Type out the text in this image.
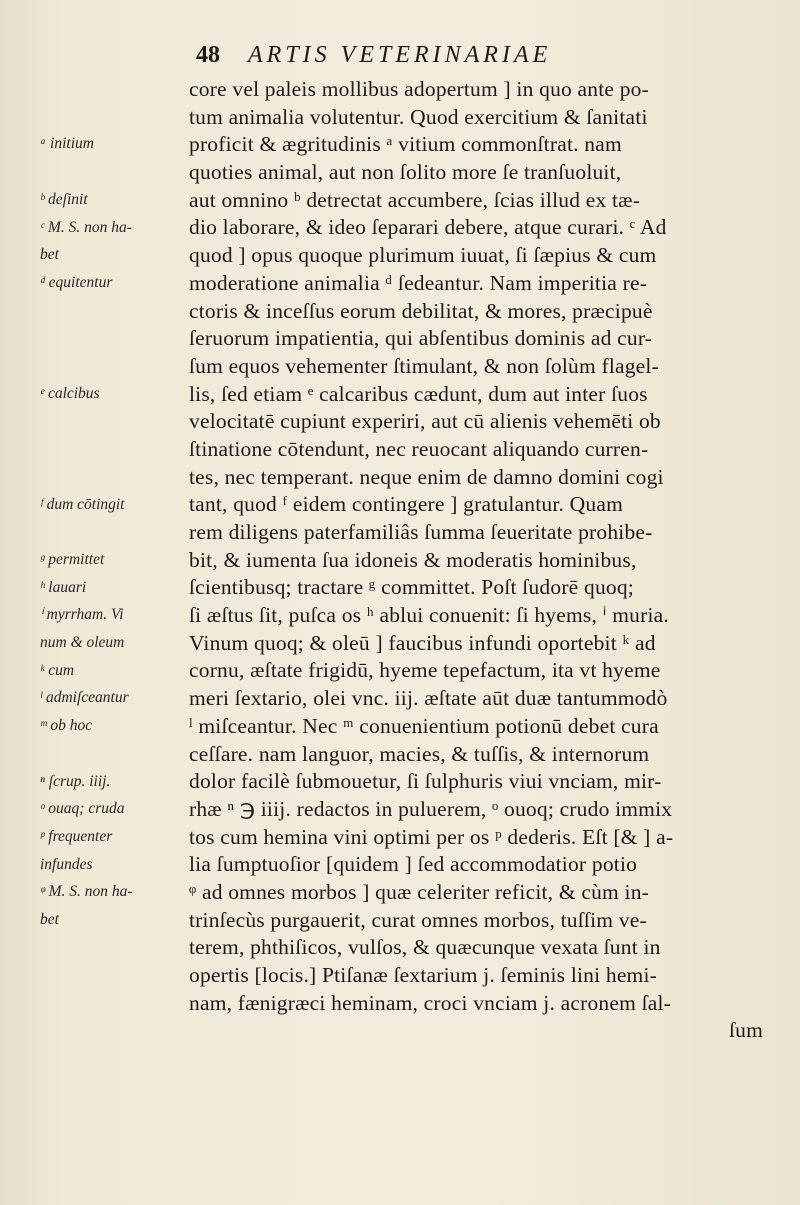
48 ARTIS VETERINARIAE
ᵃ initium
ᵇ deſinit
ᶜ M. S. non ha-
bet
ᵈ equitentur
ᵉ calcibus
ᶠ dum cōtingit
ᵍ permittet
ʰ lauari
ⁱ myrrham. Vi
num & oleum
ᵏ cum
ˡ admiſceantur
ᵐ ob hoc
ⁿ ſcrup. iiij.
ᵒ ouaq; cruda
ᵖ frequenter
infundes
ᵠ M. S. non ha-
bet
core vel paleis mollibus adopertum ] in quo ante po-
tum animalia volutentur. Quod exercitium & ſanitati
proficit & ægritudinis ᵃ vitium commonſtrat. nam
quoties animal, aut non ſolito more ſe tranſuoluit,
aut omnino ᵇ detrectat accumbere, ſcias illud ex tæ-
dio laborare, & ideo ſeparari debere, atque curari. ᶜ Ad
quod ] opus quoque plurimum iuuat, ſi ſæpius & cum
moderatione animalia ᵈ ſedeantur. Nam imperitia re-
ctoris & inceſſus eorum debilitat, & mores, præcipuè
ſeruorum impatientia, qui abſentibus dominis ad cur-
ſum equos vehementer ſtimulant, & non ſolùm flagel-
lis, ſed etiam ᵉ calcaribus cædunt, dum aut inter ſuos
velocitatē cupiunt experiri, aut cū alienis vehemēti ob
ſtinatione cōtendunt, nec reuocant aliquando curren-
tes, nec temperant. neque enim de damno domini cogi
tant, quod ᶠ eidem contingere ] gratulantur. Quam
rem diligens paterfamiliâs ſumma ſeueritate prohibe-
bit, & iumenta ſua idoneis & moderatis hominibus,
ſcientibusq; tractare ᵍ committet. Poſt ſudorē quoq;
ſi æſtus ſit, puſca os ʰ ablui conuenit: ſi hyems, ⁱ muria.
Vinum quoq; & oleū ] faucibus infundi oportebit ᵏ ad
cornu, æſtate frigidū, hyeme tepefactum, ita vt hyeme
meri ſextario, olei vnc. iij. æſtate aūt duæ tantummodò
ˡ miſceantur. Nec ᵐ conuenientium potionū debet cura
ceſſare. nam languor, macies, & tuſſis, & internorum
dolor facilè ſubmouetur, ſi ſulphuris viui vnciam, mir-
rhæ ⁿ ℈ iiij. redactos in puluerem, ᵒ ouoq; crudo immix
tos cum hemina vini optimi per os ᵖ dederis. Eſt [& ] a-
lia ſumptuoſior [quidem ] ſed accommodatior potio
ᵠ ad omnes morbos ] quæ celeriter reficit, & cùm in-
trinſecùs purgauerit, curat omnes morbos, tuſſim ve-
terem, phthiſicos, vulſos, & quæcunque vexata ſunt in
opertis [locis.] Ptiſanæ ſextarium j. ſeminis lini hemi-
nam, fænigræci heminam, croci vnciam j. acronem ſal-
ſum
